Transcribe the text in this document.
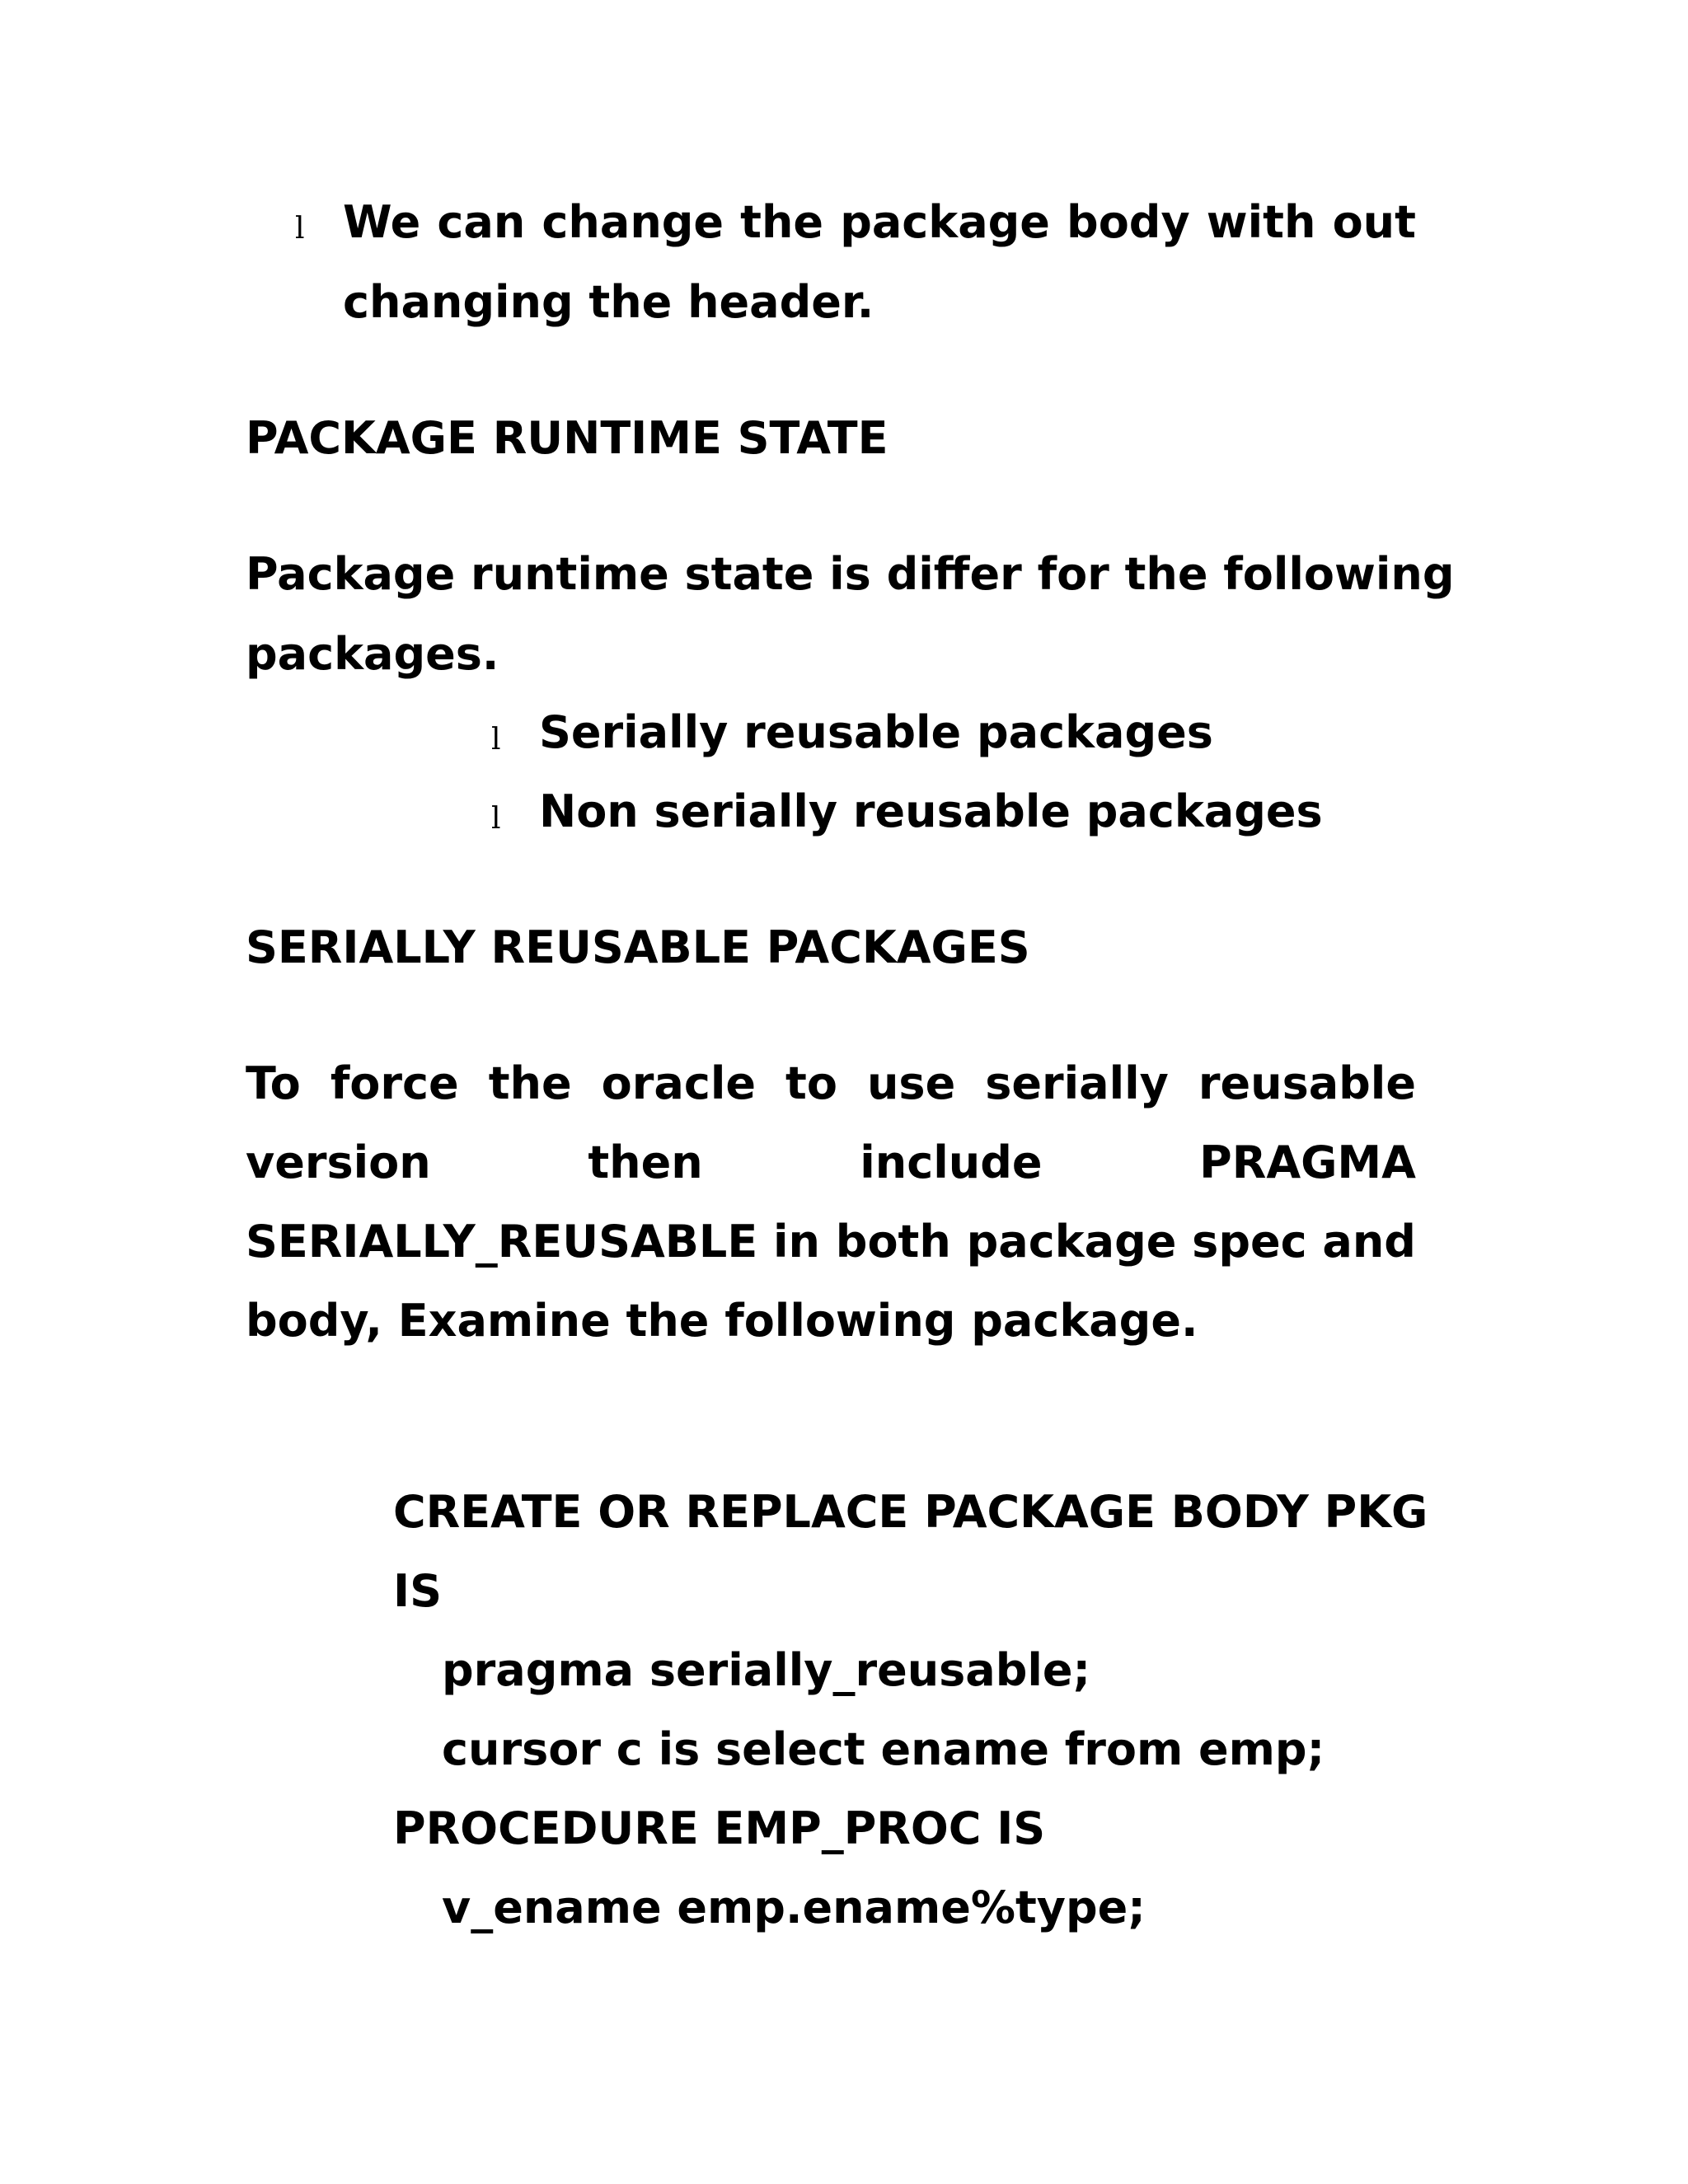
l We can change the package body with out
changing the header.
PACKAGE RUNTIME STATE
Package runtime state is differ for the following
packages.
l Serially reusable packages
l Non serially reusable packages
SERIALLY REUSABLE PACKAGES
To force the oracle to use serially reusable
version	then	include	PRAGMA
SERIALLY_REUSABLE in both package spec and
body, Examine the following package.
CREATE OR REPLACE PACKAGE BODY PKG
IS
pragma serially_reusable;
cursor c is select ename from emp;
PROCEDURE EMP_PROC IS
v_ename emp.ename%type;
